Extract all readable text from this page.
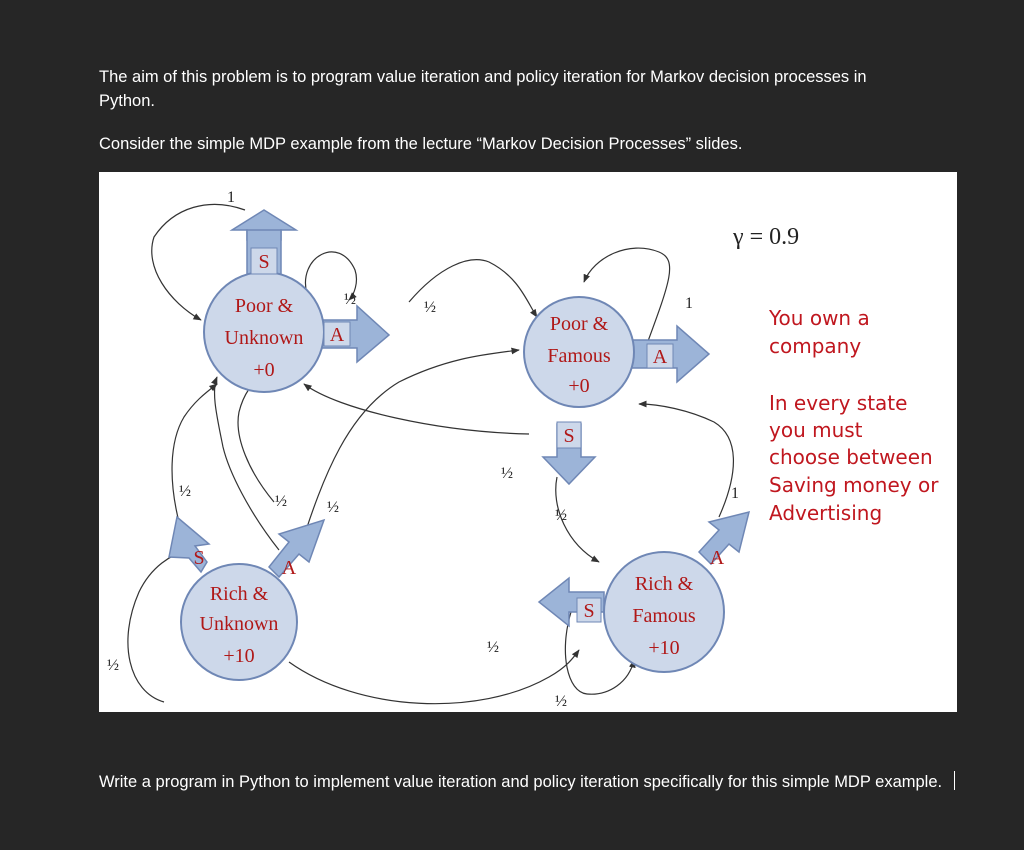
The aim of this problem is to program value iteration and policy iteration for Markov decision processes in Python.
Consider the simple MDP example from the lecture “Markov Decision Processes” slides.
S
A
A
S
S	A	A
S
Poor &
Unknown
+0
Poor &
Famous
+0
Rich &
Unknown
+10
Rich &
Famous
+10
1
½	½	1
½
½	½
½
½
1
½
½
½
γ = 0.9
You own a
company
In every state
you must
choose between
Saving money or
Advertising
Write a program in Python to implement value iteration and policy iteration specifically for this simple MDP example.
